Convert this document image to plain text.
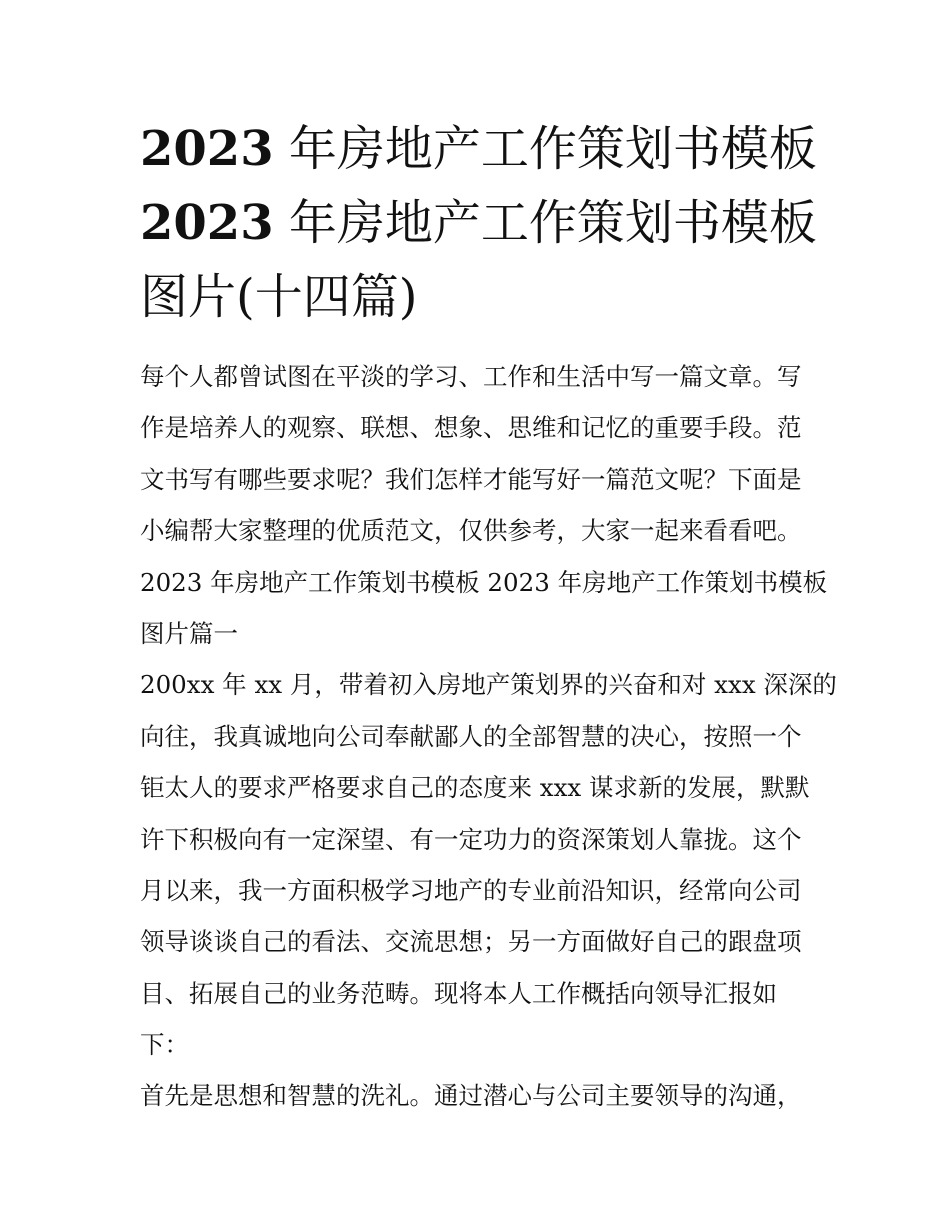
2023 年房地产工作策划书模板
2023 年房地产工作策划书模板
图片(十四篇)
每个人都曾试图在平淡的学习、工作和生活中写一篇文章。写
作是培养人的观察、联想、想象、思维和记忆的重要手段。范
文书写有哪些要求呢？我们怎样才能写好一篇范文呢？下面是
小编帮大家整理的优质范文，仅供参考，大家一起来看看吧。
2023 年房地产工作策划书模板 2023 年房地产工作策划书模板
图片篇一
200xx 年 xx 月，带着初入房地产策划界的兴奋和对 xxx 深深的
向往，我真诚地向公司奉献鄙人的全部智慧的决心，按照一个
钜太人的要求严格要求自己的态度来 xxx 谋求新的发展，默默
许下积极向有一定深望、有一定功力的资深策划人靠拢。这个
月以来，我一方面积极学习地产的专业前沿知识，经常向公司
领导谈谈自己的看法、交流思想；另一方面做好自己的跟盘项
目、拓展自己的业务范畴。现将本人工作概括向领导汇报如
下：
首先是思想和智慧的洗礼。通过潜心与公司主要领导的沟通，
